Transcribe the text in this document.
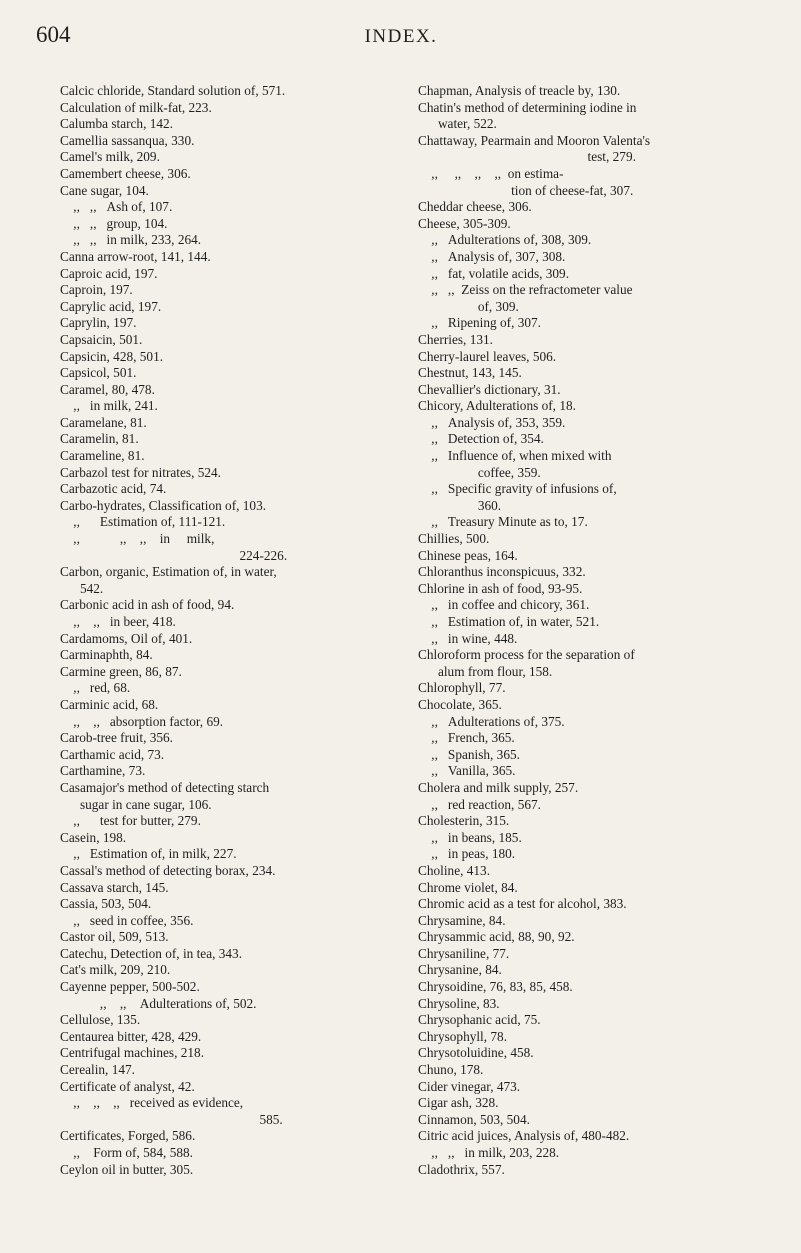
604	INDEX.
Calcic chloride, Standard solution of, 571.
Calculation of milk-fat, 223.
Calumba starch, 142.
Camellia sassanqua, 330.
Camel's milk, 209.
Camembert cheese, 306.
Cane sugar, 104.
,,   ,,   Ash of, 107.
,,   ,,   group, 104.
,,   ,,   in milk, 233, 264.
Canna arrow-root, 141, 144.
Caproic acid, 197.
Caproin, 197.
Caprylic acid, 197.
Caprylin, 197.
Capsaicin, 501.
Capsicin, 428, 501.
Capsicol, 501.
Caramel, 80, 478.
,,   in milk, 241.
Caramelane, 81.
Caramelin, 81.
Carameline, 81.
Carbazol test for nitrates, 524.
Carbazotic acid, 74.
Carbo-hydrates, Classification of, 103.
,,      Estimation of, 111-121.
,,            ,,    ,,    in     milk,
224-226.
Carbon, organic, Estimation of, in water,
542.
Carbonic acid in ash of food, 94.
,,    ,,   in beer, 418.
Cardamoms, Oil of, 401.
Carminaphth, 84.
Carmine green, 86, 87.
,,   red, 68.
Carminic acid, 68.
,,    ,,   absorption factor, 69.
Carob-tree fruit, 356.
Carthamic acid, 73.
Carthamine, 73.
Casamajor's method of detecting starch
sugar in cane sugar, 106.
,,      test for butter, 279.
Casein, 198.
,,   Estimation of, in milk, 227.
Cassal's method of detecting borax, 234.
Cassava starch, 145.
Cassia, 503, 504.
,,   seed in coffee, 356.
Castor oil, 509, 513.
Catechu, Detection of, in tea, 343.
Cat's milk, 209, 210.
Cayenne pepper, 500-502.
,,    ,,    Adulterations of, 502.
Cellulose, 135.
Centaurea bitter, 428, 429.
Centrifugal machines, 218.
Cerealin, 147.
Certificate of analyst, 42.
,,    ,,    ,,   received as evidence,
585.
Certificates, Forged, 586.
,,    Form of, 584, 588.
Ceylon oil in butter, 305.
Chapman, Analysis of treacle by, 130.
Chatin's method of determining iodine in
water, 522.
Chattaway, Pearmain and Mooron Valenta's
test, 279.
,,     ,,    ,,    ,,  on estima-
tion of cheese-fat, 307.
Cheddar cheese, 306.
Cheese, 305-309.
,,   Adulterations of, 308, 309.
,,   Analysis of, 307, 308.
,,   fat, volatile acids, 309.
,,   ,,  Zeiss on the refractometer value
of, 309.
,,   Ripening of, 307.
Cherries, 131.
Cherry-laurel leaves, 506.
Chestnut, 143, 145.
Chevallier's dictionary, 31.
Chicory, Adulterations of, 18.
,,   Analysis of, 353, 359.
,,   Detection of, 354.
,,   Influence of, when mixed with
coffee, 359.
,,   Specific gravity of infusions of,
360.
,,   Treasury Minute as to, 17.
Chillies, 500.
Chinese peas, 164.
Chloranthus inconspicuus, 332.
Chlorine in ash of food, 93-95.
,,   in coffee and chicory, 361.
,,   Estimation of, in water, 521.
,,   in wine, 448.
Chloroform process for the separation of
alum from flour, 158.
Chlorophyll, 77.
Chocolate, 365.
,,   Adulterations of, 375.
,,   French, 365.
,,   Spanish, 365.
,,   Vanilla, 365.
Cholera and milk supply, 257.
,,   red reaction, 567.
Cholesterin, 315.
,,   in beans, 185.
,,   in peas, 180.
Choline, 413.
Chrome violet, 84.
Chromic acid as a test for alcohol, 383.
Chrysamine, 84.
Chrysammic acid, 88, 90, 92.
Chrysaniline, 77.
Chrysanine, 84.
Chrysoidine, 76, 83, 85, 458.
Chrysoline, 83.
Chrysophanic acid, 75.
Chrysophyll, 78.
Chrysotoluidine, 458.
Chuno, 178.
Cider vinegar, 473.
Cigar ash, 328.
Cinnamon, 503, 504.
Citric acid juices, Analysis of, 480-482.
,,   ,,   in milk, 203, 228.
Cladothrix, 557.
